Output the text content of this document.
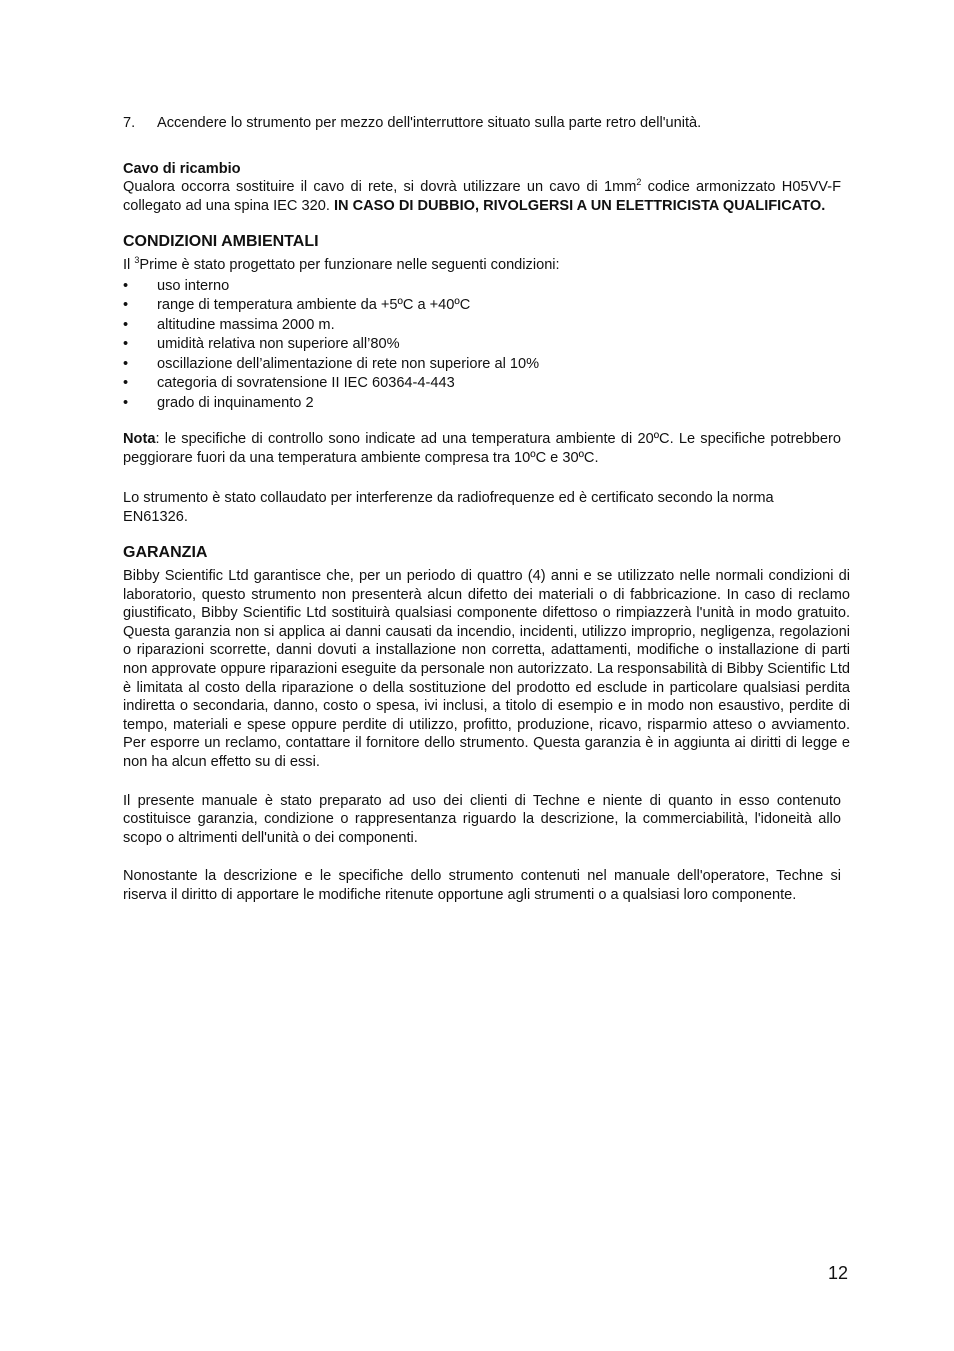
7.	Accendere lo strumento per mezzo dell'interruttore situato sulla parte retro dell'unità.
Cavo di ricambio

Qualora occorra sostituire il cavo di rete, si dovrà utilizzare un cavo di $1mm^2$ codice armonizzato H05VV-F collegato ad una spina IEC 320. IN CASO DI DUBBIO, RIVOLGERSI A UN ELETTRICISTA QUALIFICATO.

CONDIZIONI AMBIENTALI

Il $^3$Prime è stato progettato per funzionare nelle seguenti condizioni:

•	uso interno
•	range di temperatura ambiente da +5ºC a +40ºC
•	altitudine massima 2000 m.
•	umidità relativa non superiore all’80%
•	oscillazione dell’alimentazione di rete non superiore al 10%
•	categoria di sovratensione II IEC 60364-4-443
•	grado di inquinamento 2

Nota: le specifiche di controllo sono indicate ad una temperatura ambiente di 20ºC. Le specifiche potrebbero peggiorare fuori da una temperatura ambiente compresa tra 10ºC e 30ºC.

Lo strumento è stato collaudato per interferenze da radiofrequenze ed è certificato secondo la norma EN61326.

GARANZIA

Bibby Scientific Ltd garantisce che, per un periodo di quattro (4) anni e se utilizzato nelle normali condizioni di laboratorio, questo strumento non presenterà alcun difetto dei materiali o di fabbricazione. In caso di reclamo giustificato, Bibby Scientific Ltd sostituirà qualsiasi componente difettoso o rimpiazzerà l'unità in modo gratuito. Questa garanzia non si applica ai danni causati da incendio, incidenti, utilizzo improprio, negligenza, regolazioni o riparazioni scorrette, danni dovuti a installazione non corretta, adattamenti, modifiche o installazione di parti non approvate oppure riparazioni eseguite da personale non autorizzato. La responsabilità di Bibby Scientific Ltd è limitata al costo della riparazione o della sostituzione del prodotto ed esclude in particolare qualsiasi perdita indiretta o secondaria, danno, costo o spesa, ivi inclusi, a titolo di esempio e in modo non esaustivo, perdite di tempo, materiali e spese oppure perdite di utilizzo, profitto, produzione, ricavo, risparmio atteso o avviamento. Per esporre un reclamo, contattare il fornitore dello strumento. Questa garanzia è in aggiunta ai diritti di legge e non ha alcun effetto su di essi.

Il presente manuale è stato preparato ad uso dei clienti di Techne e niente di quanto in esso contenuto costituisce garanzia, condizione o rappresentanza riguardo la descrizione, la commerciabilità, l'idoneità allo scopo o altrimenti dell'unità o dei componenti.

Nonostante la descrizione e le specifiche dello strumento contenuti nel manuale dell'operatore, Techne si riserva il diritto di apportare le modifiche ritenute opportune agli strumenti o a qualsiasi loro componente.

12
